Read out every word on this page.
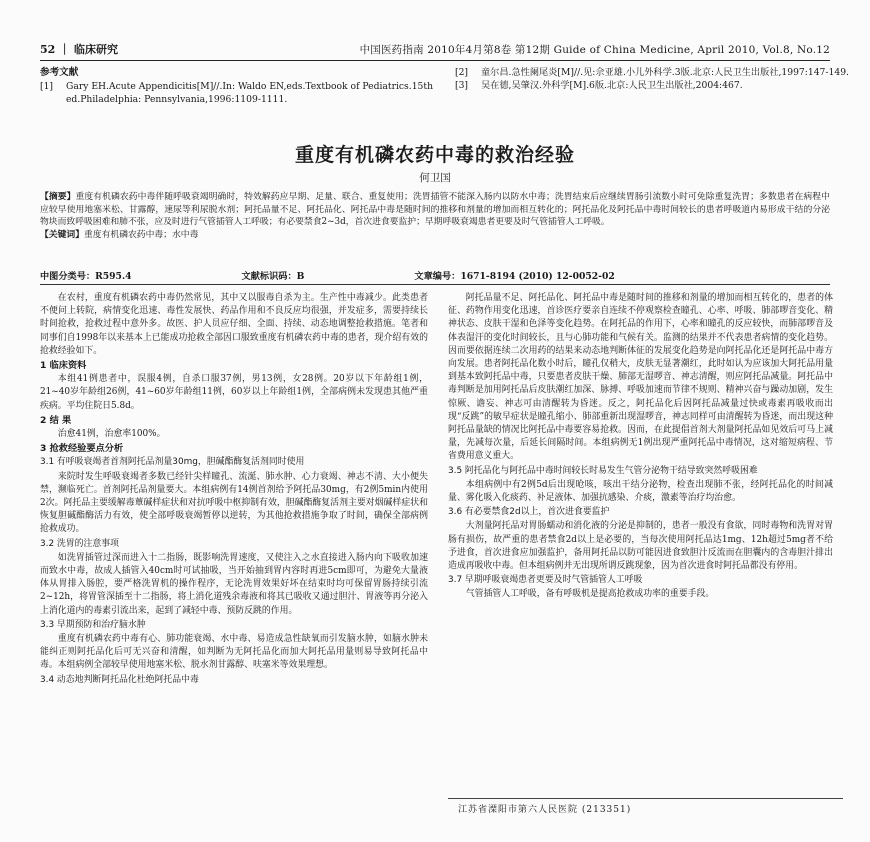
52 ｜ 临床研究	中国医药指南 2010年4月第8卷 第12期 Guide of China Medicine, April 2010, Vol.8, No.12
参考文献
[1]	Gary EH.Acute Appendicitis[M]//.In: Waldo EN,eds.Textbook of Pediatrics.15th ed.Philadelphia: Pennsylvania,1996:1109-1111.
[2]	童尔昌.急性阑尾炎[M]//.见:佘亚雄.小儿外科学.3版.北京:人民卫生出版社,1997:147-149.
[3]	吴在德,吴肇汉.外科学[M].6版.北京:人民卫生出版社,2004:467.
重度有机磷农药中毒的救治经验
何卫国
【摘要】重度有机磷农药中毒伴随呼吸衰竭明确时，特效解药应早期、足量、联合、重复使用；洗胃插管不能深入肠内以防水中毒；洗胃结束后应继续胃肠引流数小时可免除重复洗胃；多数患者在病程中应较早使用地塞米松、甘露醇，速尿等利尿脱水剂；阿托品量不足、阿托品化、阿托品中毒是随时间的推移和剂量的增加而相互转化的；阿托品化及阿托品中毒时间较长的患者呼吸道内易形成干结的分泌物块而致呼吸困难和肺不张，应及时进行气管插管人工呼吸；有必要禁食2~3d，首次进食要监护；早期呼吸衰竭患者更要及时气管插管人工呼吸。
【关键词】重度有机磷农药中毒；水中毒
中图分类号：R595.4	文献标识码：B	文章编号：1671-8194 (2010) 12-0052-02

在农村，重度有机磷农药中毒仍然常见，其中又以服毒自杀为主。生产性中毒减少。此类患者不便问上转院，病情变化迅速、毒性发展快、药品作用和不良反应均很强，并发症多，需要持续长时间抢救，抢救过程中意外多。故医、护人员应仔细、全面、持续、动态地调整抢救措施。笔者和同事们自1998年以来基本上已能成功抢救全部因口服致重度有机磷农药中毒的患者，现介绍有效的抢救经验如下。

1 临床资料

本组41例患者中，误服4例，自杀口服37例，男13例，女28例。20岁以下年龄组1例，21~40岁年龄组26例，41~60岁年龄组11例，60岁以上年龄组1例，全部病例未发现患其他严重疾病。平均住院日5.8d。

2 结 果

治愈41例，治愈率100%。

3 抢救经验要点分析

3.1 有呼吸衰竭者首剂阿托品剂量30mg，胆碱酯酶复活剂同时使用

来院时发生呼吸衰竭者多数已经针尖样瞳孔、流涎、肺水肿、心力衰竭、神志不清、大小便失禁，濒临死亡。首剂阿托品剂量要大。本组病例有14例首剂给予阿托品30mg，有2例5min内使用2次。阿托品主要缓解毒蕈碱样症状和对抗呼吸中枢抑制有效，胆碱酯酶复活剂主要对烟碱样症状和恢复胆碱酯酶活力有效，使全部呼吸衰竭暂停以逆转，为其他抢救措施争取了时间，确保全部病例抢救成功。

3.2 洗胃的注意事项

如洗胃插管过深而进入十二指肠，既影响洗胃速度，又使注入之水直接进入肠内向下吸收加速而致水中毒，故成人插管入40cm时可试抽吸，当开始抽到胃内容时再进5cm即可，为避免大量液体从胃排入肠腔，要严格洗胃机的操作程序，无论洗胃效果好坏在结束时均可保留胃肠持续引流2~12h，将胃管深插至十二指肠，将上消化道残余毒液和将其已吸收又通过胆汁、胃液等再分泌入上消化道内的毒素引流出来，起到了减轻中毒、预防反跳的作用。

3.3 早期预防和治疗脑水肿

重度有机磷农药中毒有心、肺功能衰竭、水中毒、易造成急性缺氧而引发脑水肿，如脑水肿未能纠正则阿托品化后可无兴奋和清醒，如判断为无阿托品化而加大阿托品用量则易导致阿托品中毒。本组病例全部较早使用地塞米松、脱水剂甘露醇、呋塞米等效果理想。

3.4 动态地判断阿托品化杜绝阿托品中毒

阿托品量不足、阿托品化、阿托品中毒是随时间的推移和剂量的增加而相互转化的，患者的体征、药物作用变化迅速，首诊医疗要亲自连续不停观察检查瞳孔、心率、呼吸、肺部啰音变化、精神状态、皮肤干湿和色泽等变化趋势。在阿托品的作用下，心率和瞳孔的反应较快，而肺部啰音及体表湿汗的变化时间较长，且与心肺功能和气候有关。监测的结果并不代表患者病情的变化趋势。因而要依据连续二次用药的结果来动态地判断体征的发展变化趋势是向阿托品化还是阿托品中毒方向发展。患者阿托品化数小时后，瞳孔仅稍大，皮肤无显著潮红，此时如认为应该加大阿托品用量到基本致阿托品中毒，只要患者皮肤干燥、肺部无湿啰音、神志清醒，则应阿托品减量。阿托品中毒判断是加用阿托品后皮肤潮红加深、脉搏、呼吸加速而节律不规则、精神兴奋与躁动加剧，发生惊厥、谵妄、神志可由清醒转为昏迷。反之，阿托品化后因阿托品减量过快或毒素再吸收而出现“反跳”的敏早症状是瞳孔缩小、肺部重新出现湿啰音，神志同样可由清醒转为昏迷，而出现这种阿托品量缺的情况比阿托品中毒要容易抢救。因而，在此提倡首剂大剂量阿托品如见效后可马上减量，先减每次量，后延长间隔时间。本组病例无1例出现严重阿托品中毒情况，这对缩短病程、节省费用意义重大。

3.5 阿托品化与阿托品中毒时间较长时易发生气管分泌物干结导致突然呼吸困难

本组病例中有2例5d后出现呛咳，咳出干结分泌物，检查出现肺不张，经阿托品化的时间减量、雾化吸入化痰药、补足液体、加强抗感染、介痰，激素等治疗均治愈。

3.6 有必要禁食2d以上，首次进食要监护

大剂量阿托品对胃肠蠕动和消化液的分泌是抑制的，患者一般没有食欲，同时毒物和洗胃对胃肠有损伤，故严重的患者禁食2d以上是必要的，当每次使用阿托品达1mg、12h超过5mg者不给予进食，首次进食应加强监护，备用阿托品以防可能因进食致胆汁反流而在胆囊内的含毒胆汁排出造成再吸收中毒。但本组病例并无出现所谓反跳现象，因为首次进食时阿托品都没有停用。

3.7 早期呼吸衰竭患者更要及时气管插管人工呼吸

气管插管人工呼吸，备有呼吸机是提高抢救成功率的重要手段。

江苏省溧阳市第六人民医院 (213351)
